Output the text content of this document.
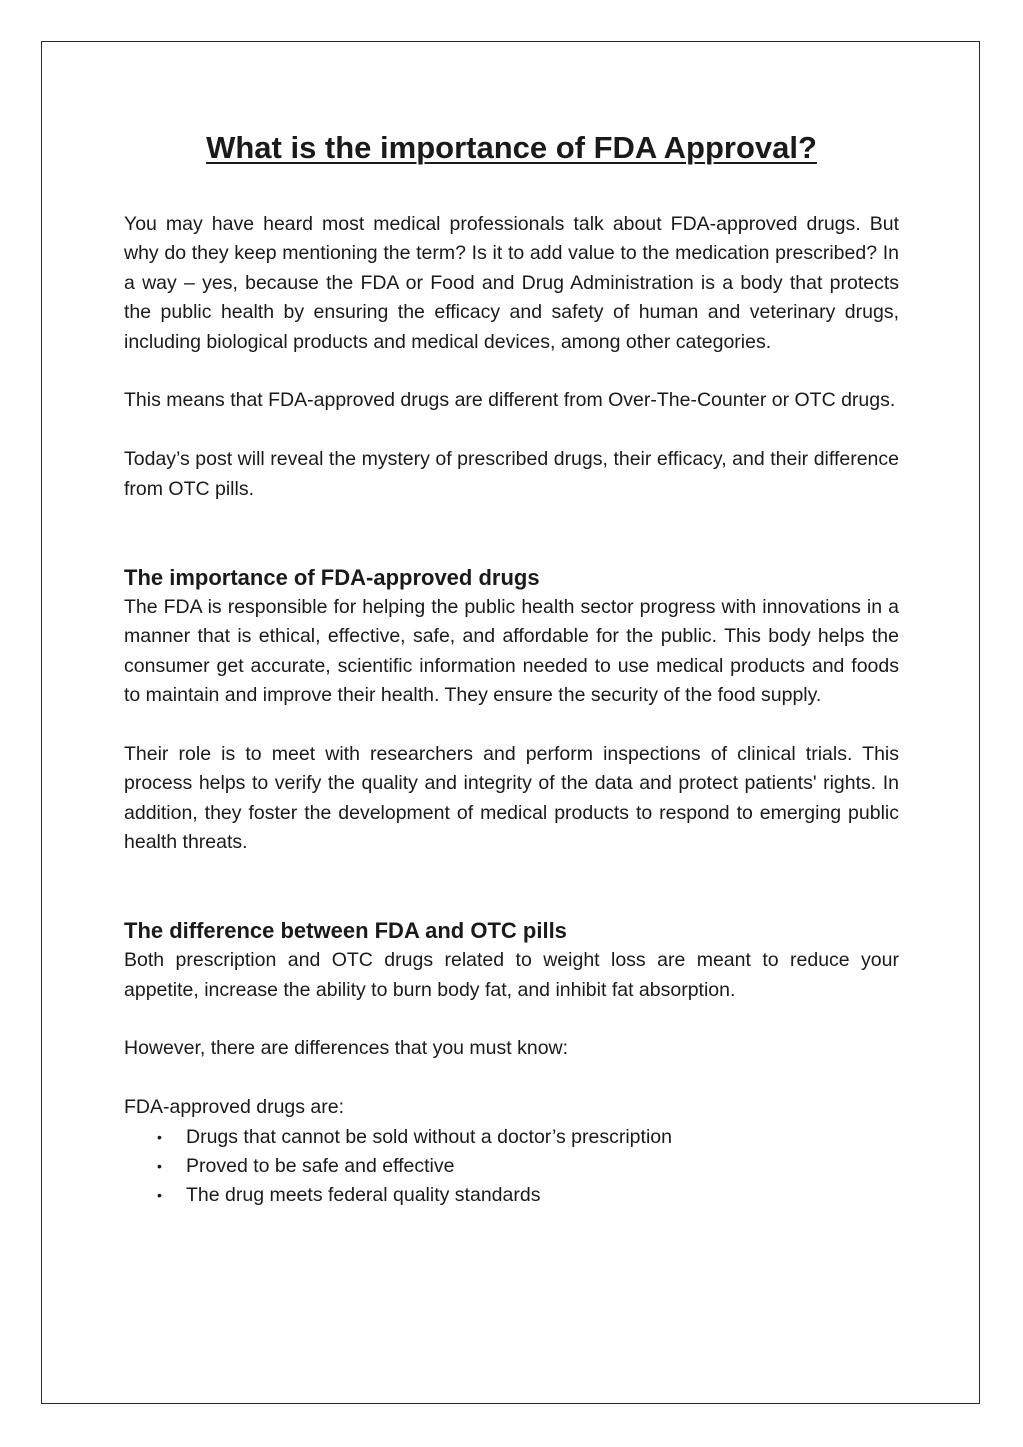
What is the importance of FDA Approval?

You may have heard most medical professionals talk about FDA-approved drugs. But why do they keep mentioning the term? Is it to add value to the medication prescribed? In a way – yes, because the FDA or Food and Drug Administration is a body that protects the public health by ensuring the efficacy and safety of human and veterinary drugs, including biological products and medical devices, among other categories.

This means that FDA-approved drugs are different from Over-The-Counter or OTC drugs.

Today’s post will reveal the mystery of prescribed drugs, their efficacy, and their difference from OTC pills.

The importance of FDA-approved drugs

The FDA is responsible for helping the public health sector progress with innovations in a manner that is ethical, effective, safe, and affordable for the public. This body helps the consumer get accurate, scientific information needed to use medical products and foods to maintain and improve their health. They ensure the security of the food supply.

Their role is to meet with researchers and perform inspections of clinical trials. This process helps to verify the quality and integrity of the data and protect patients' rights. In addition, they foster the development of medical products to respond to emerging public health threats.

The difference between FDA and OTC pills

Both prescription and OTC drugs related to weight loss are meant to reduce your appetite, increase the ability to burn body fat, and inhibit fat absorption.

However, there are differences that you must know:

FDA-approved drugs are:

• Drugs that cannot be sold without a doctor’s prescription
• Proved to be safe and effective
• The drug meets federal quality standards
